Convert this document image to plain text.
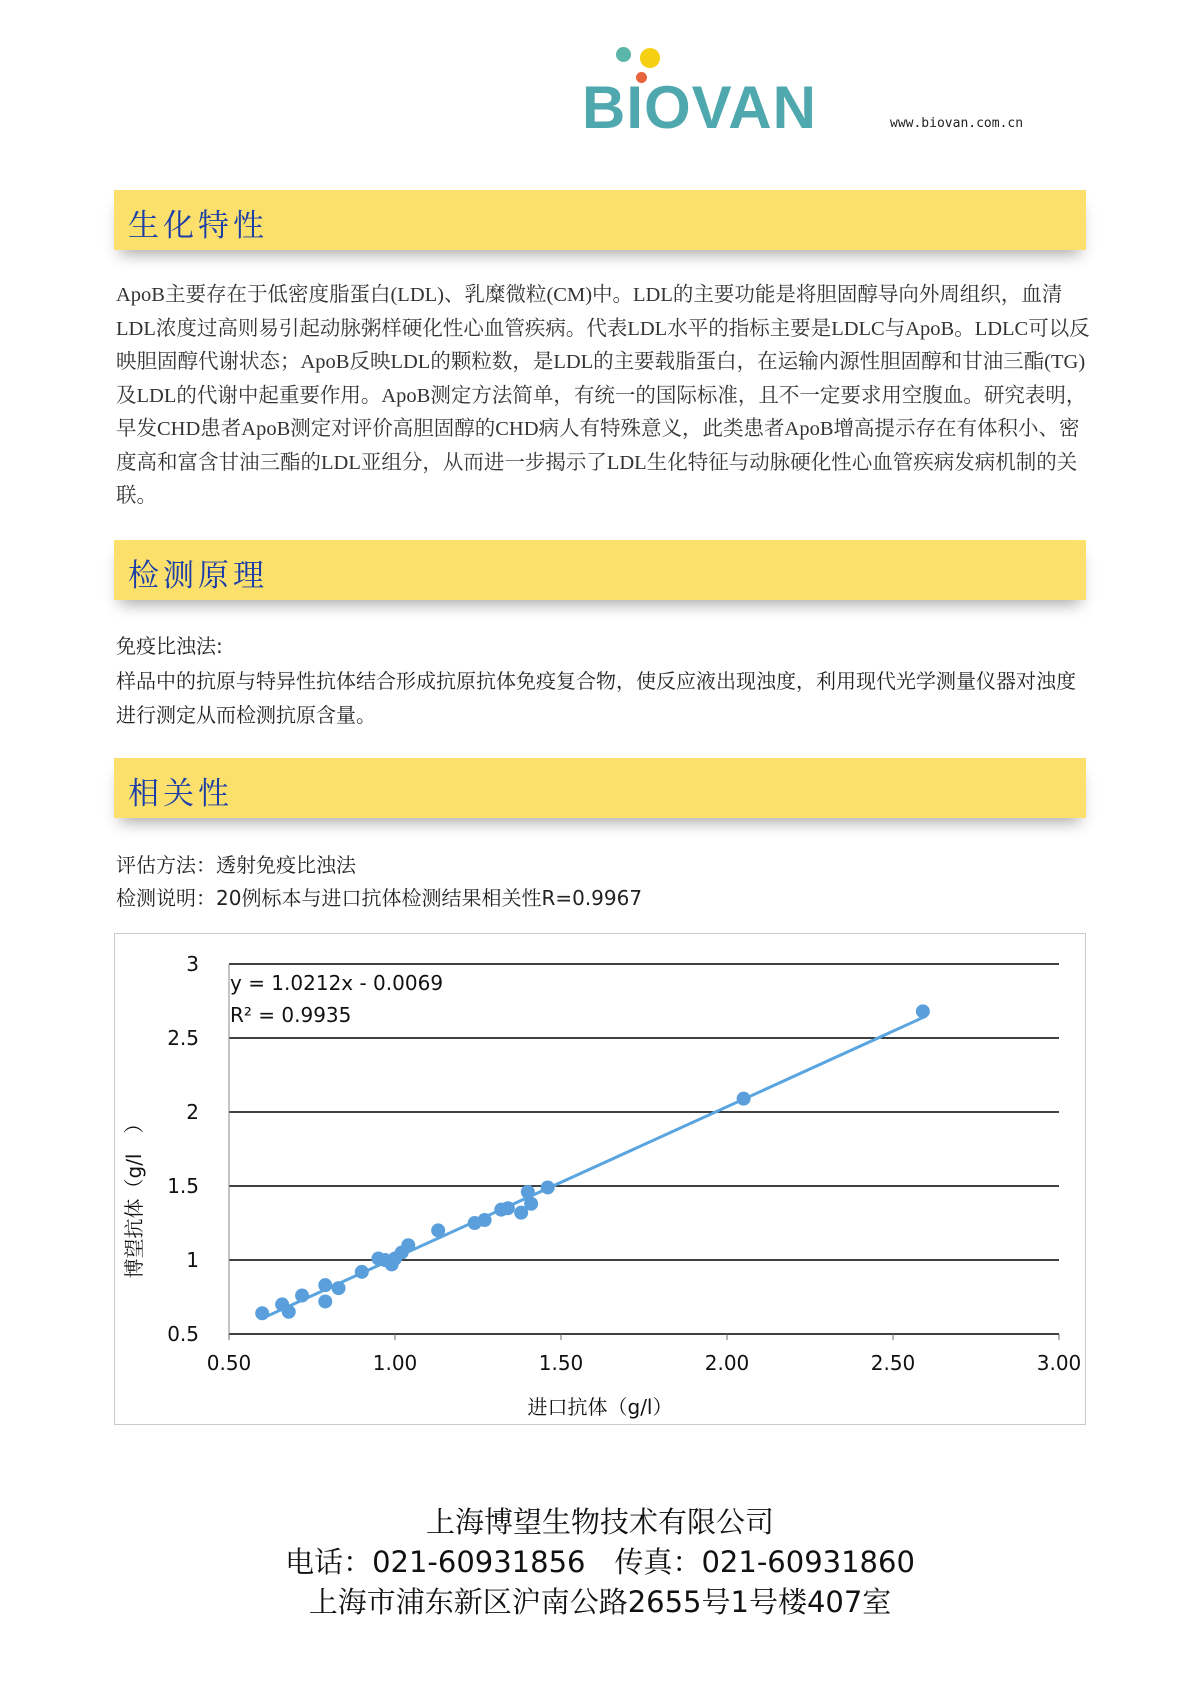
BIOVAN	www.biovan.com.cn
生化特性
ApoB主要存在于低密度脂蛋白(LDL)、乳糜微粒(CM)中。LDL的主要功能是将胆固醇导向外周组织，血清LDL浓度过高则易引起动脉粥样硬化性心血管疾病。代表LDL水平的指标主要是LDLC与ApoB。LDLC可以反映胆固醇代谢状态；ApoB反映LDL的颗粒数，是LDL的主要载脂蛋白，在运输内源性胆固醇和甘油三酯(TG)及LDL的代谢中起重要作用。ApoB测定方法简单，有统一的国际标准，且不一定要求用空腹血。研究表明，早发CHD患者ApoB测定对评价高胆固醇的CHD病人有特殊意义，此类患者ApoB增高提示存在有体积小、密度高和富含甘油三酯的LDL亚组分，从而进一步揭示了LDL生化特征与动脉硬化性心血管疾病发病机制的关联。
检测原理
免疫比浊法:
样品中的抗原与特异性抗体结合形成抗原抗体免疫复合物，使反应液出现浊度，利用现代光学测量仪器对浊度进行测定从而检测抗原含量。
相关性
评估方法：透射免疫比浊法
检测说明：20例标本与进口抗体检测结果相关性R=0.9967
0.50	1.00	1.50	2.00	2.50	3.00
0.5
1
1.5
2
2.5
3
y = 1.0212x - 0.0069
R² = 0.9935
进口抗体（g/l）
博望抗体（g/l　）
上海博望生物技术有限公司
电话：021-60931856　传真：021-60931860
上海市浦东新区沪南公路2655号1号楼407室
